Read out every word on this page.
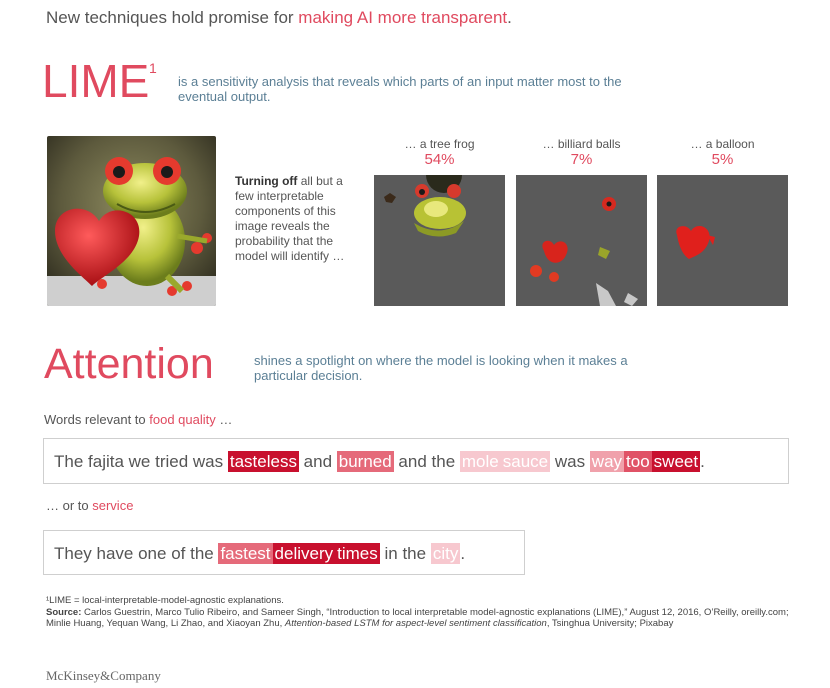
New techniques hold promise for making AI more transparent.
LIME 1
is a sensitivity analysis that reveals which parts of an input matter most to the eventual output.
Turning off all but a few interpretable components of this image reveals the probability that the model will identify …
… a tree frog
54%
… billiard balls
7%
… a balloon
5%
Attention	shines a spotlight on where the model is looking when it makes a particular decision.
Words relevant to food quality …
The fajita we tried was tasteless and burned and the mole sauce was way too sweet .
… or to service
They have one of the fastest delivery times in the city .
¹LIME = local-interpretable-model-agnostic explanations.
Source: Carlos Guestrin, Marco Tulio Ribeiro, and Sameer Singh, “Introduction to local interpretable model-agnostic explanations (LIME),” August 12, 2016, O’Reilly, oreilly.com; Minlie Huang, Yequan Wang, Li Zhao, and Xiaoyan Zhu, Attention-based LSTM for aspect-level sentiment classification, Tsinghua University; Pixabay
McKinsey&Company
